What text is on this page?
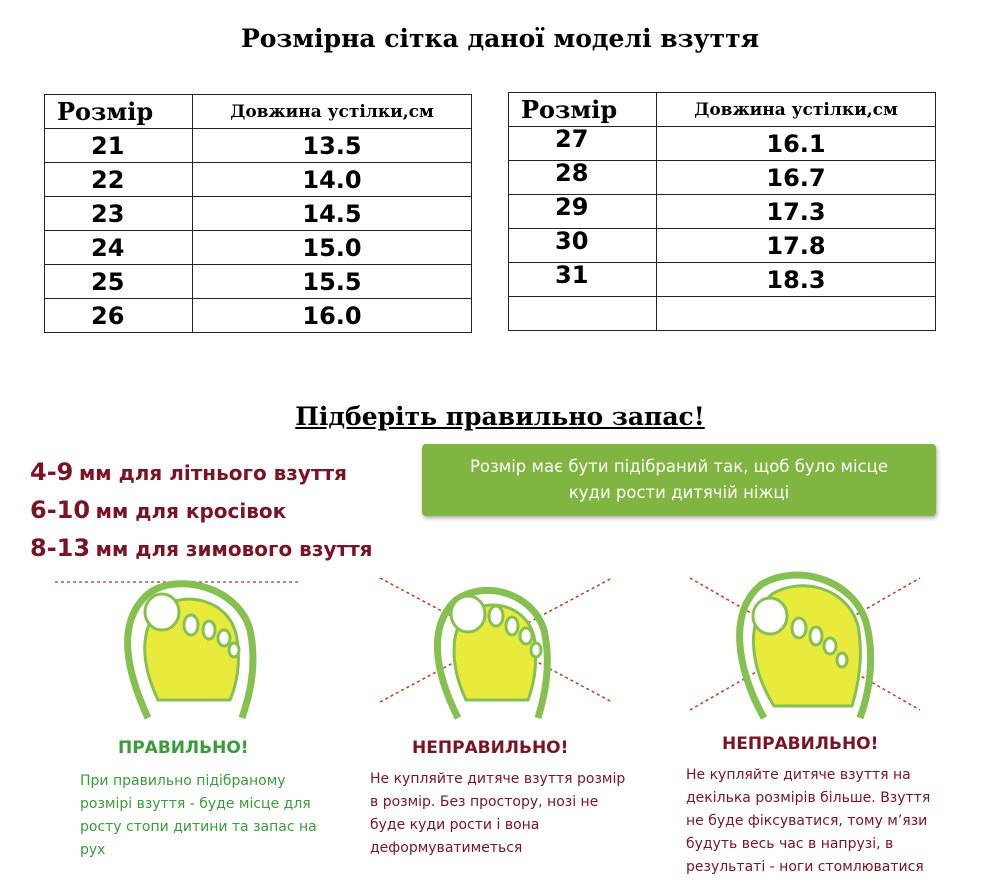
Розмірна сітка даної моделі взуття
Розмір	Довжина устілки,см
21	13.5
22	14.0
23	14.5
24	15.0
25	15.5
26	16.0
Розмір	Довжина устілки,см
27	16.1
28	16.7
29	17.3
30	17.8
31	18.3

Підберіть правильно запас!
4-9 мм для літнього взуття
6-10 мм для кросівок
8-13 мм для зимового взуття
Розмір має бути підібраний так, щоб було місце
куди рости дитячій ніжці
ПРАВИЛЬНО!
При правильно підібраному
розмірі взуття - буде місце для
росту стопи дитини та запас на
рух
НЕПРАВИЛЬНО!
Не купляйте дитяче взуття розмір
в розмір. Без простору, нозі не
буде куди рости і вона
деформуватиметься
НЕПРАВИЛЬНО!
Не купляйте дитяче взуття на
декілька розмірів більше. Взуття
не буде фіксуватися, тому м’язи
будуть весь час в напрузі, в
результаті - ноги стомлюватися
